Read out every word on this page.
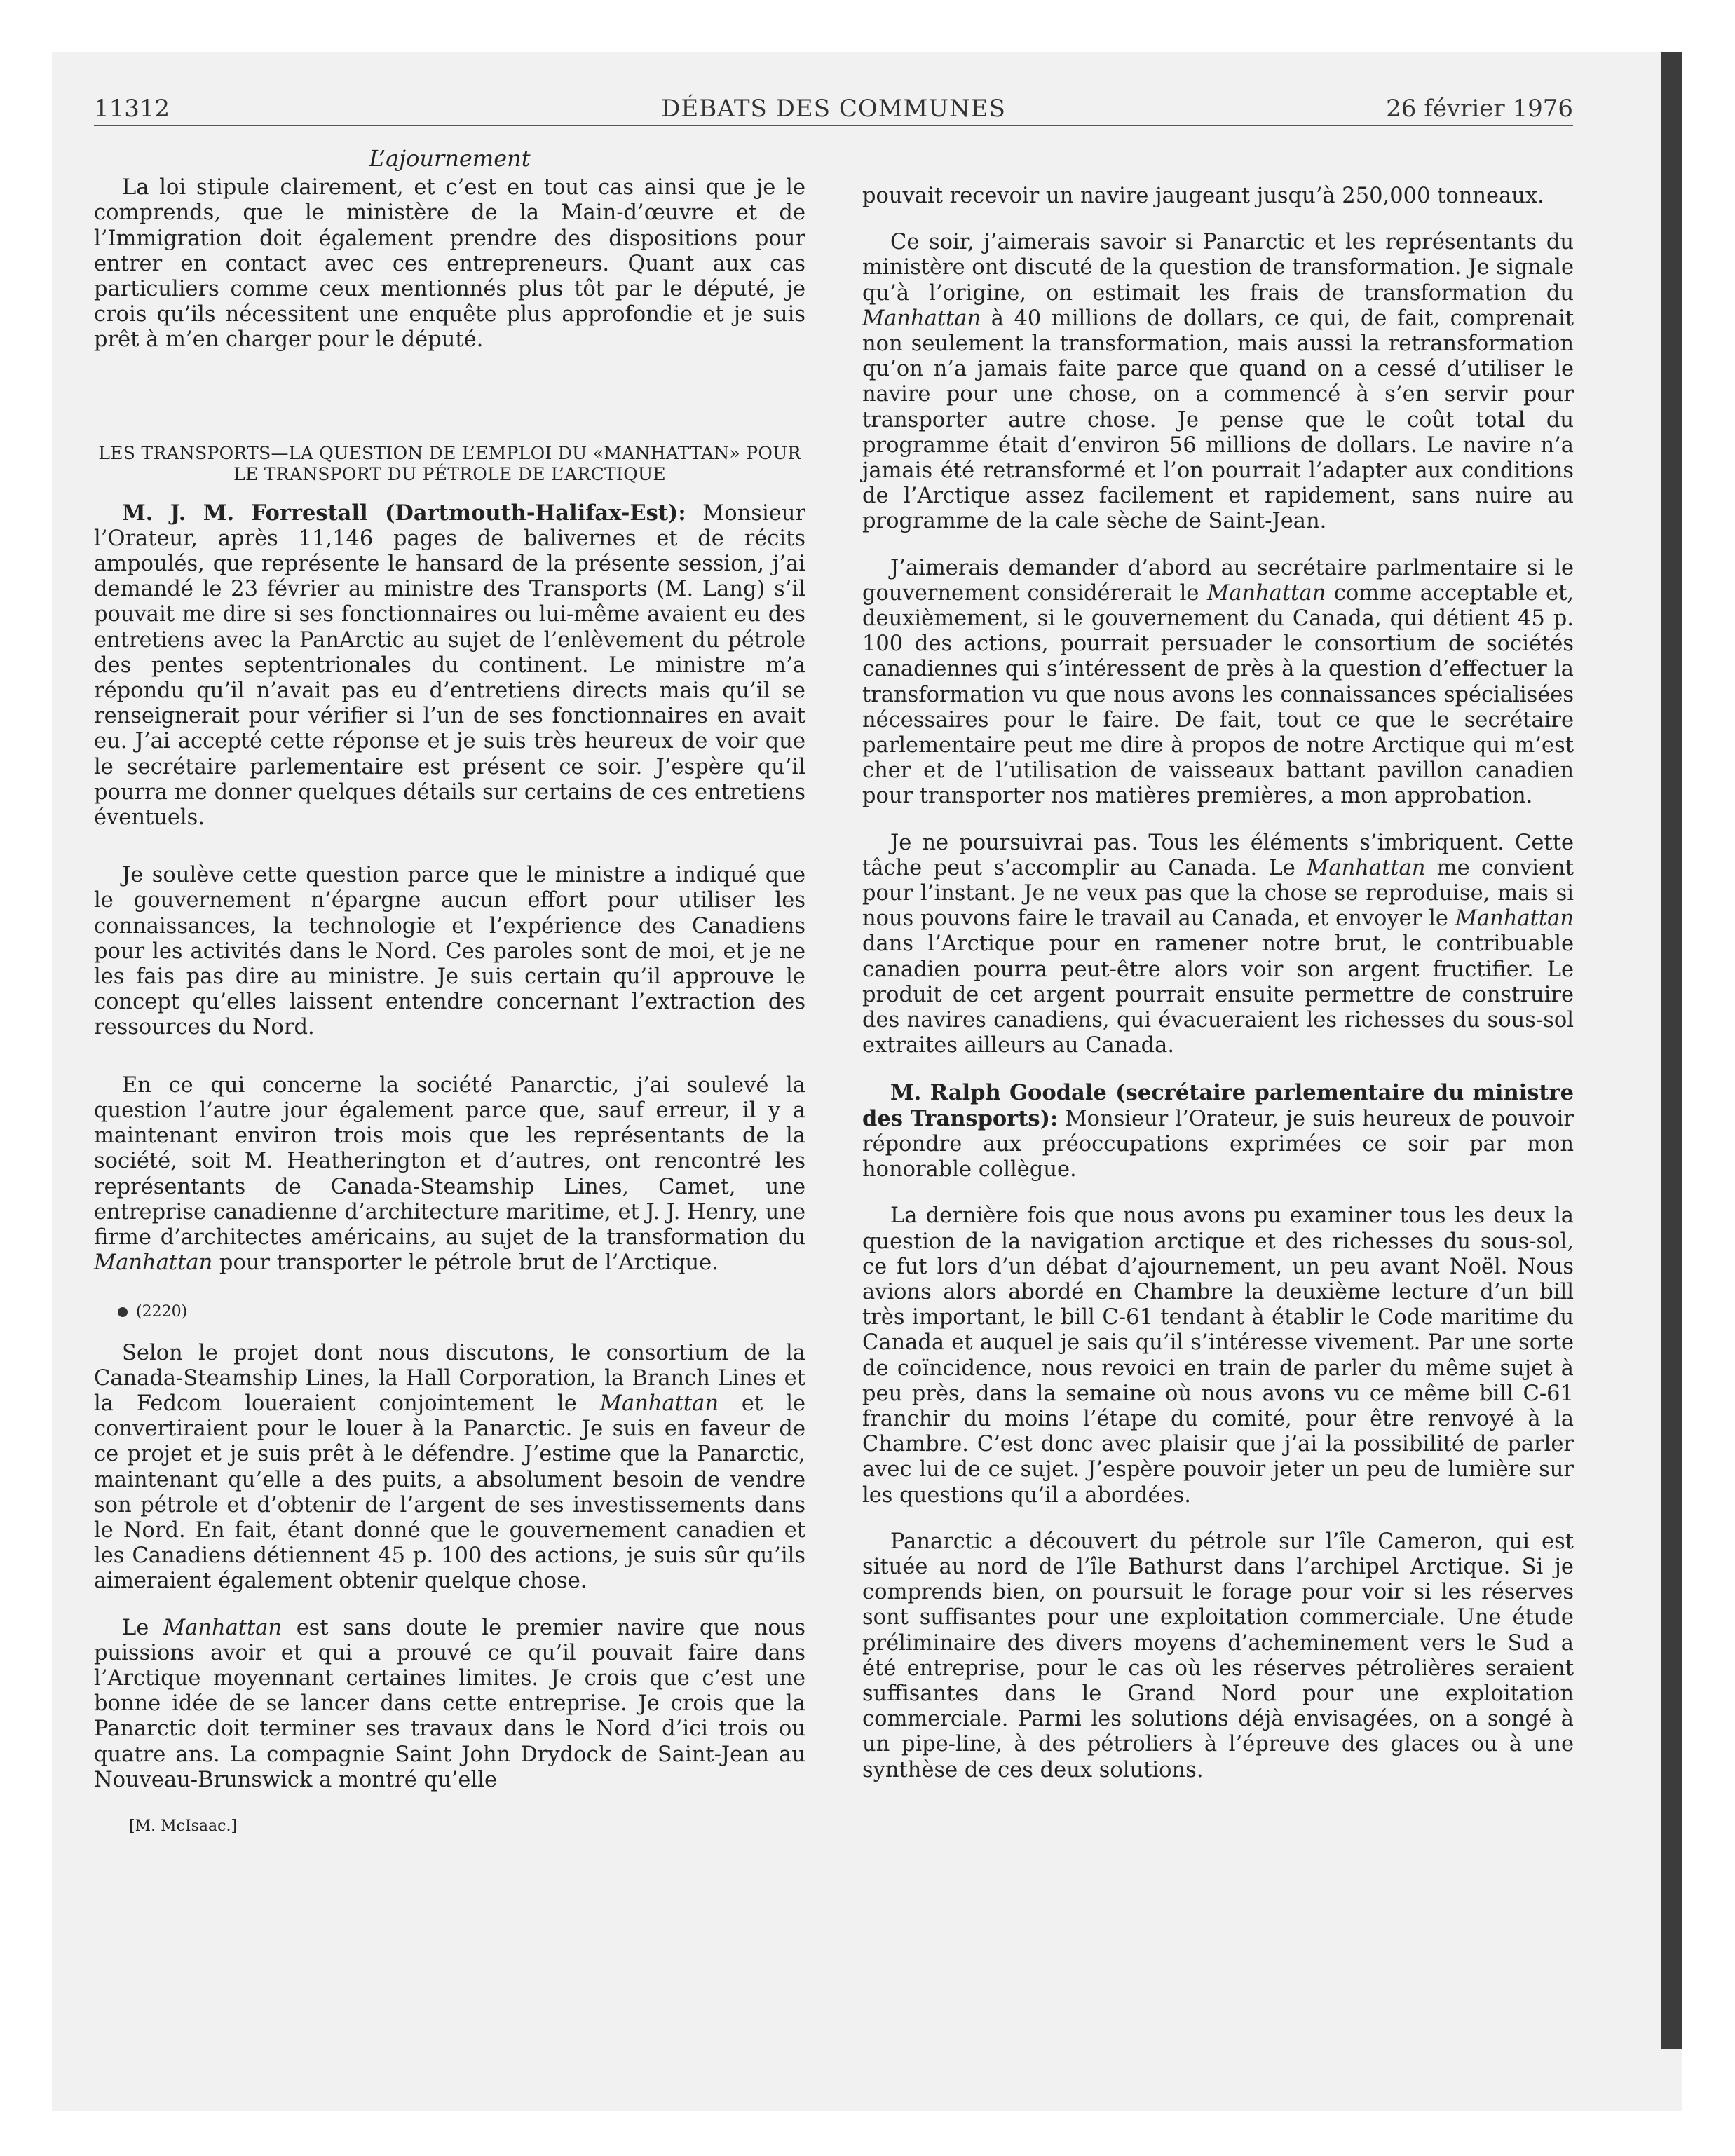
11312	DÉBATS DES COMMUNES	26 février 1976
L’ajournement

La loi stipule clairement, et c’est en tout cas ainsi que je le comprends, que le ministère de la Main-d’œuvre et de l’Immigration doit également prendre des dispositions pour entrer en contact avec ces entrepreneurs. Quant aux cas particuliers comme ceux mentionnés plus tôt par le député, je crois qu’ils nécessitent une enquête plus approfondie et je suis prêt à m’en charger pour le député.

LES TRANSPORTS—LA QUESTION DE L’EMPLOI DU «MANHATTAN» POUR LE TRANSPORT DU PÉTROLE DE L’ARCTIQUE

M. J. M. Forrestall (Dartmouth-Halifax-Est): Monsieur l’Orateur, après 11,146 pages de balivernes et de récits ampoulés, que représente le hansard de la présente session, j’ai demandé le 23 février au ministre des Transports (M. Lang) s’il pouvait me dire si ses fonctionnaires ou lui-même avaient eu des entretiens avec la PanArctic au sujet de l’enlèvement du pétrole des pentes septentrionales du continent. Le ministre m’a répondu qu’il n’avait pas eu d’entretiens directs mais qu’il se renseignerait pour vérifier si l’un de ses fonctionnaires en avait eu. J’ai accepté cette réponse et je suis très heureux de voir que le secrétaire parlementaire est présent ce soir. J’espère qu’il pourra me donner quelques détails sur certains de ces entretiens éventuels.

Je soulève cette question parce que le ministre a indiqué que le gouvernement n’épargne aucun effort pour utiliser les connaissances, la technologie et l’expérience des Canadiens pour les activités dans le Nord. Ces paroles sont de moi, et je ne les fais pas dire au ministre. Je suis certain qu’il approuve le concept qu’elles laissent entendre concernant l’extraction des ressources du Nord.

En ce qui concerne la société Panarctic, j’ai soulevé la question l’autre jour également parce que, sauf erreur, il y a maintenant environ trois mois que les représentants de la société, soit M. Heatherington et d’autres, ont rencontré les représentants de Canada-Steamship Lines, Camet, une entreprise canadienne d’architecture maritime, et J. J. Henry, une firme d’architectes américains, au sujet de la transformation du Manhattan pour transporter le pétrole brut de l’Arctique.

(2220)

Selon le projet dont nous discutons, le consortium de la Canada-Steamship Lines, la Hall Corporation, la Branch Lines et la Fedcom loueraient conjointement le Manhattan et le convertiraient pour le louer à la Panarctic. Je suis en faveur de ce projet et je suis prêt à le défendre. J’estime que la Panarctic, maintenant qu’elle a des puits, a absolument besoin de vendre son pétrole et d’obtenir de l’argent de ses investissements dans le Nord. En fait, étant donné que le gouvernement canadien et les Canadiens détiennent 45 p. 100 des actions, je suis sûr qu’ils aimeraient également obtenir quelque chose.

Le Manhattan est sans doute le premier navire que nous puissions avoir et qui a prouvé ce qu’il pouvait faire dans l’Arctique moyennant certaines limites. Je crois que c’est une bonne idée de se lancer dans cette entreprise. Je crois que la Panarctic doit terminer ses travaux dans le Nord d’ici trois ou quatre ans. La compagnie Saint John Drydock de Saint-Jean au Nouveau-Brunswick a montré qu’elle

[M. McIsaac.]

pouvait recevoir un navire jaugeant jusqu’à 250,000 tonneaux.

Ce soir, j’aimerais savoir si Panarctic et les représentants du ministère ont discuté de la question de transformation. Je signale qu’à l’origine, on estimait les frais de transformation du Manhattan à 40 millions de dollars, ce qui, de fait, comprenait non seulement la transformation, mais aussi la retransformation qu’on n’a jamais faite parce que quand on a cessé d’utiliser le navire pour une chose, on a commencé à s’en servir pour transporter autre chose. Je pense que le coût total du programme était d’environ 56 millions de dollars. Le navire n’a jamais été retransformé et l’on pourrait l’adapter aux conditions de l’Arctique assez facilement et rapidement, sans nuire au programme de la cale sèche de Saint-Jean.

J’aimerais demander d’abord au secrétaire parlmentaire si le gouvernement considérerait le Manhattan comme acceptable et, deuxièmement, si le gouvernement du Canada, qui détient 45 p. 100 des actions, pourrait persuader le consortium de sociétés canadiennes qui s’intéressent de près à la question d’effectuer la transformation vu que nous avons les connaissances spécialisées nécessaires pour le faire. De fait, tout ce que le secrétaire parlementaire peut me dire à propos de notre Arctique qui m’est cher et de l’utilisation de vaisseaux battant pavillon canadien pour transporter nos matières premières, a mon approbation.

Je ne poursuivrai pas. Tous les éléments s’imbriquent. Cette tâche peut s’accomplir au Canada. Le Manhattan me convient pour l’instant. Je ne veux pas que la chose se reproduise, mais si nous pouvons faire le travail au Canada, et envoyer le Manhattan dans l’Arctique pour en ramener notre brut, le contribuable canadien pourra peut-être alors voir son argent fructifier. Le produit de cet argent pourrait ensuite permettre de construire des navires canadiens, qui évacueraient les richesses du sous-sol extraites ailleurs au Canada.

M. Ralph Goodale (secrétaire parlementaire du ministre des Transports): Monsieur l’Orateur, je suis heureux de pouvoir répondre aux préoccupations exprimées ce soir par mon honorable collègue.

La dernière fois que nous avons pu examiner tous les deux la question de la navigation arctique et des richesses du sous-sol, ce fut lors d’un débat d’ajournement, un peu avant Noël. Nous avions alors abordé en Chambre la deuxième lecture d’un bill très important, le bill C-61 tendant à établir le Code maritime du Canada et auquel je sais qu’il s’intéresse vivement. Par une sorte de coïncidence, nous revoici en train de parler du même sujet à peu près, dans la semaine où nous avons vu ce même bill C-61 franchir du moins l’étape du comité, pour être renvoyé à la Chambre. C’est donc avec plaisir que j’ai la possibilité de parler avec lui de ce sujet. J’espère pouvoir jeter un peu de lumière sur les questions qu’il a abordées.

Panarctic a découvert du pétrole sur l’île Cameron, qui est située au nord de l’île Bathurst dans l’archipel Arctique. Si je comprends bien, on poursuit le forage pour voir si les réserves sont suffisantes pour une exploitation commerciale. Une étude préliminaire des divers moyens d’acheminement vers le Sud a été entreprise, pour le cas où les réserves pétrolières seraient suffisantes dans le Grand Nord pour une exploitation commerciale. Parmi les solutions déjà envisagées, on a songé à un pipe-line, à des pétroliers à l’épreuve des glaces ou à une synthèse de ces deux solutions.
